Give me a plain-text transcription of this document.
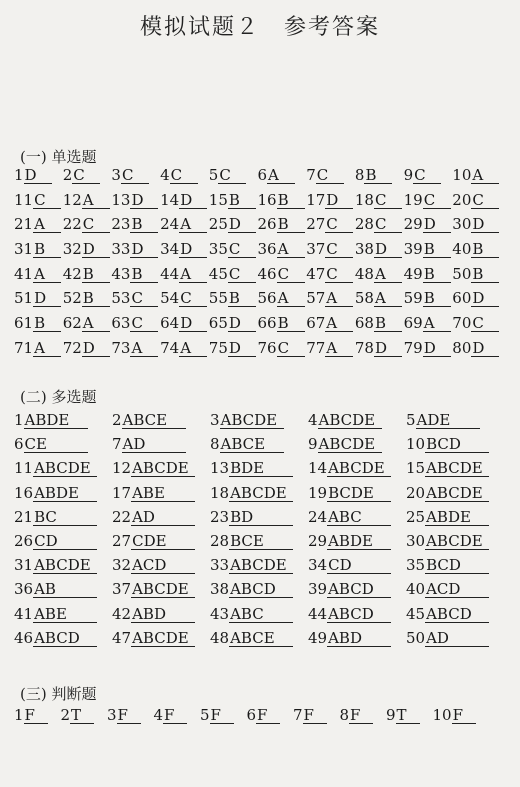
模拟试题２　参考答案
(一) 单选题
1D	2C	3C	4C	5C	6A	7C	8B	9C	10A
11C	12A	13D	14D	15B	16B	17D	18C	19C	20C
21A	22C	23B	24A	25D	26B	27C	28C	29D	30D
31B	32D	33D	34D	35C	36A	37C	38D	39B	40B
41A	42B	43B	44A	45C	46C	47C	48A	49B	50B
51D	52B	53C	54C	55B	56A	57A	58A	59B	60D
61B	62A	63C	64D	65D	66B	67A	68B	69A	70C
71A	72D	73A	74A	75D	76C	77A	78D	79D	80D
(二) 多选题
1ABDE	2ABCE	3ABCDE	4ABCDE	5ADE
6CE	7AD	8ABCE	9ABCDE	10BCD
11ABCDE	12ABCDE	13BDE	14ABCDE	15ABCDE
16ABDE	17ABE	18ABCDE	19BCDE	20ABCDE
21BC	22AD	23BD	24ABC	25ABDE
26CD	27CDE	28BCE	29ABDE	30ABCDE
31ABCDE	32ACD	33ABCDE	34CD	35BCD
36AB	37ABCDE	38ABCD	39ABCD	40ACD
41ABE	42ABD	43ABC	44ABCD	45ABCD
46ABCD	47ABCDE	48ABCE	49ABD	50AD
(三) 判断题
1F	2T	3F	4F	5F	6F	7F	8F	9T	10F
